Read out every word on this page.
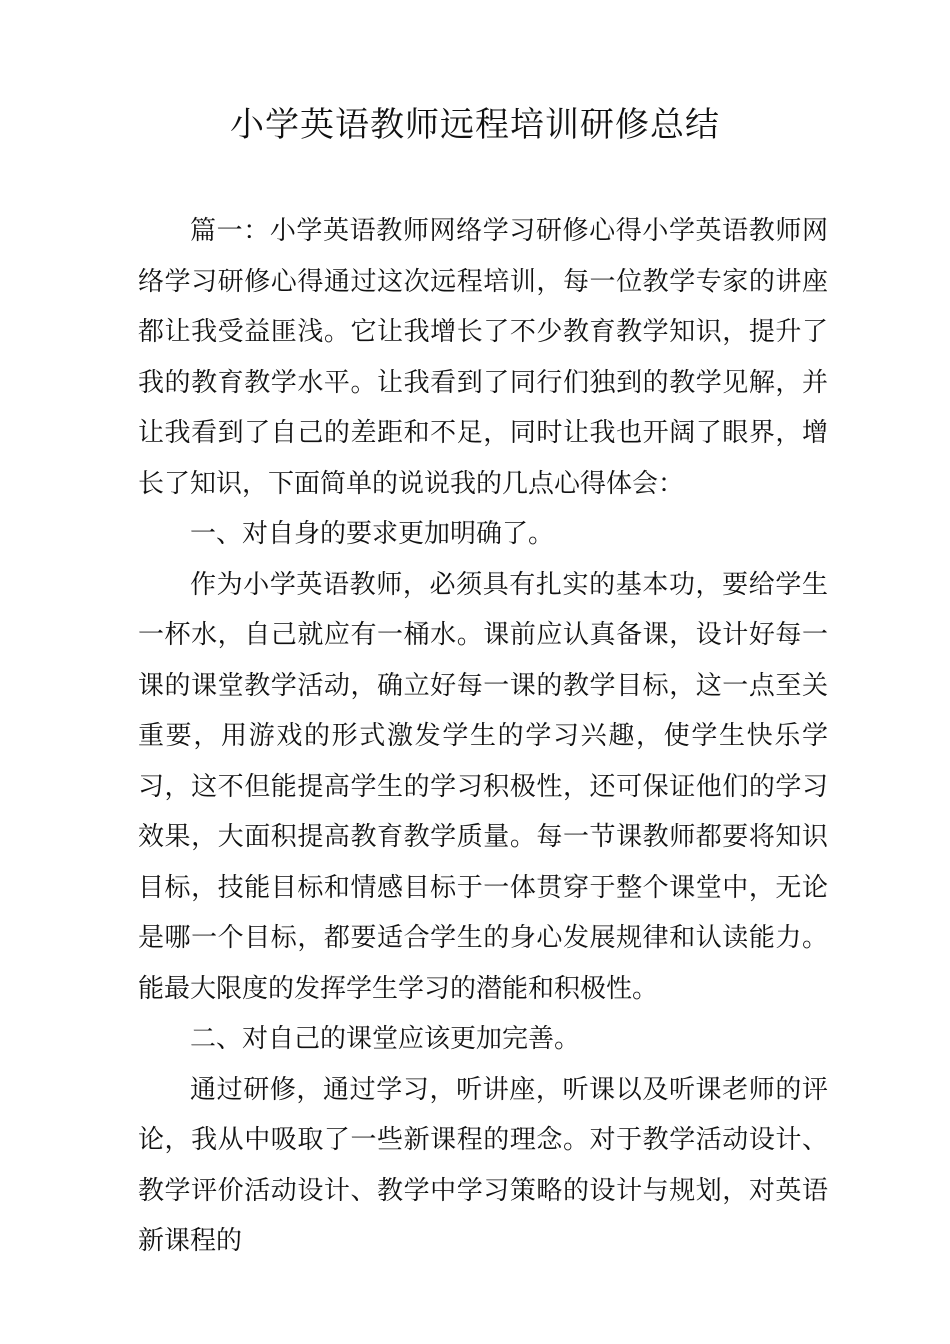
小学英语教师远程培训研修总结

篇一：小学英语教师网络学习研修心得小学英语教师网络学习研修心得通过这次远程培训，每一位教学专家的讲座都让我受益匪浅。它让我增长了不少教育教学知识，提升了我的教育教学水平。让我看到了同行们独到的教学见解，并让我看到了自己的差距和不足，同时让我也开阔了眼界，增长了知识，下面简单的说说我的几点心得体会：

一、对自身的要求更加明确了。

作为小学英语教师，必须具有扎实的基本功，要给学生一杯水，自己就应有一桶水。课前应认真备课，设计好每一课的课堂教学活动，确立好每一课的教学目标，这一点至关重要，用游戏的形式激发学生的学习兴趣，使学生快乐学习，这不但能提高学生的学习积极性，还可保证他们的学习效果，大面积提高教育教学质量。每一节课教师都要将知识目标，技能目标和情感目标于一体贯穿于整个课堂中，无论是哪一个目标，都要适合学生的身心发展规律和认读能力。能最大限度的发挥学生学习的潜能和积极性。

二、对自己的课堂应该更加完善。

通过研修，通过学习，听讲座，听课以及听课老师的评论，我从中吸取了一些新课程的理念。对于教学活动设计、教学评价活动设计、教学中学习策略的设计与规划，对英语新课程的
